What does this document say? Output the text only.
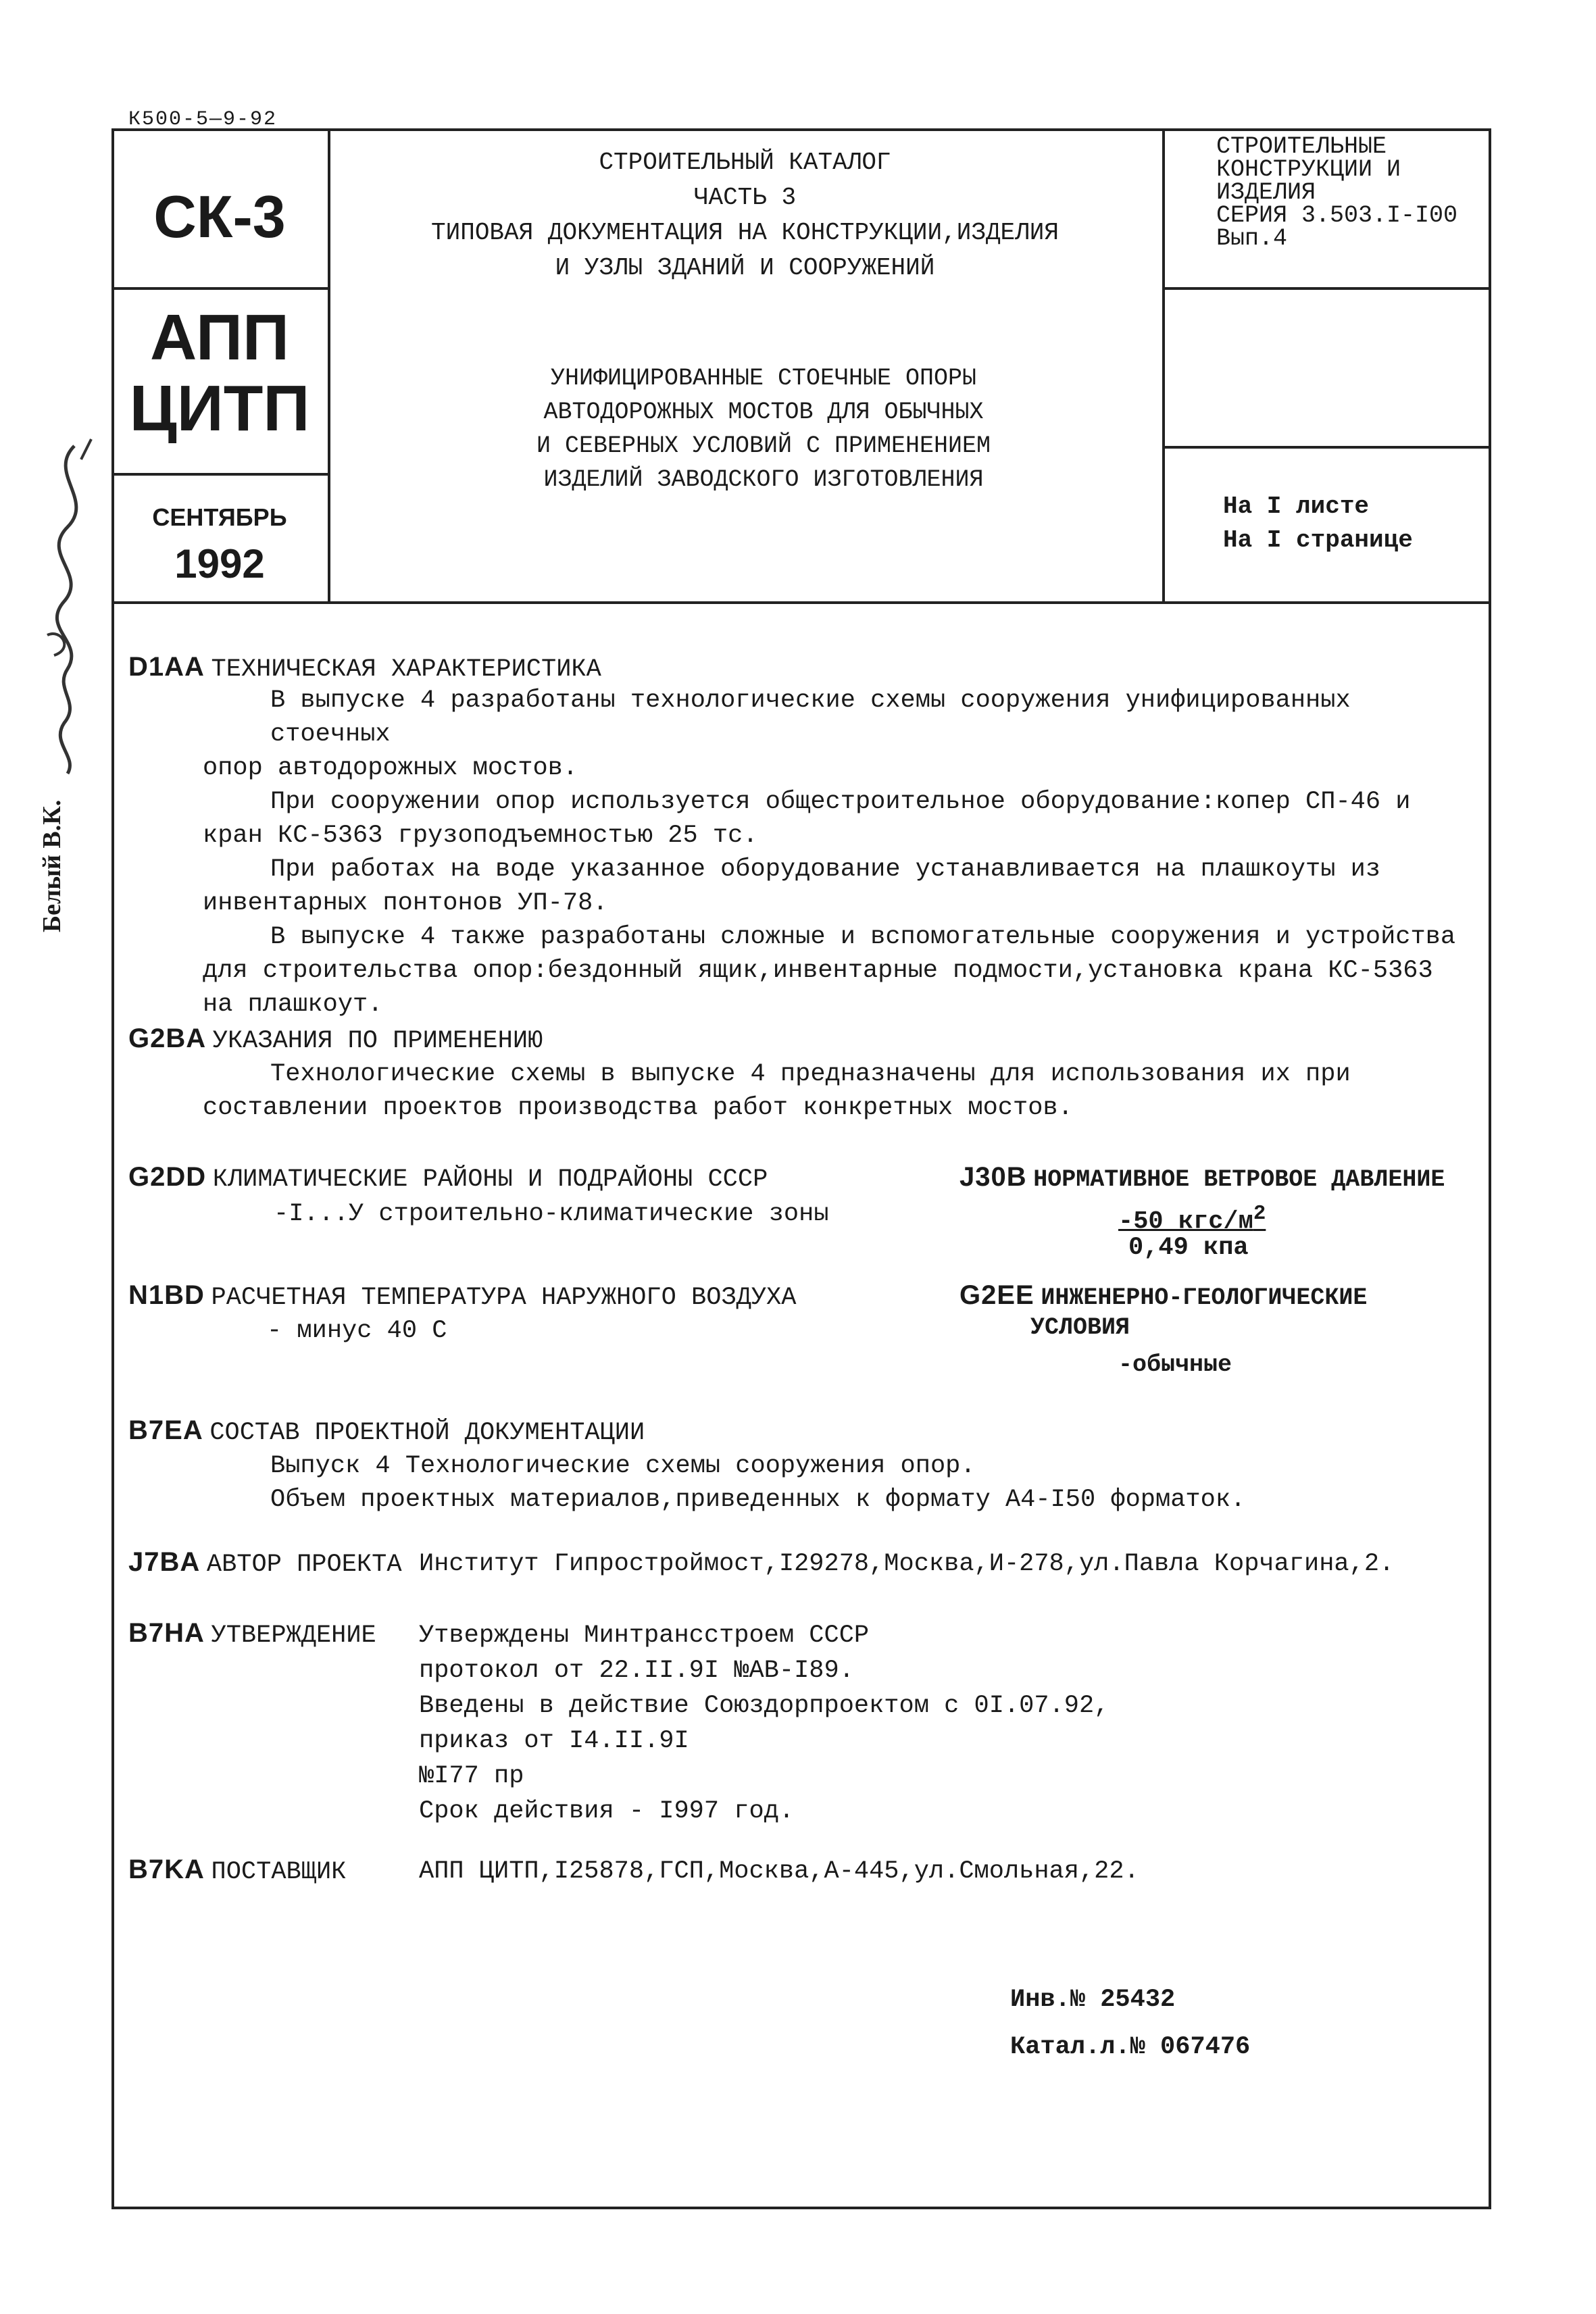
К500-5—9-92
СК-3
АПП
ЦИТП
СЕНТЯБРЬ
1992
СТРОИТЕЛЬНЫЙ КАТАЛОГ
ЧАСТЬ 3
ТИПОВАЯ ДОКУМЕНТАЦИЯ НА КОНСТРУКЦИИ,ИЗДЕЛИЯ
И УЗЛЫ ЗДАНИЙ И СООРУЖЕНИЙ
СТРОИТЕЛЬНЫЕ
КОНСТРУКЦИИ И
ИЗДЕЛИЯ
СЕРИЯ 3.503.I-I00
Вып.4
УНИФИЦИРОВАННЫЕ СТОЕЧНЫЕ ОПОРЫ
АВТОДОРОЖНЫХ МОСТОВ ДЛЯ ОБЫЧНЫХ
И СЕВЕРНЫХ УСЛОВИЙ С ПРИМЕНЕНИЕМ
ИЗДЕЛИЙ ЗАВОДСКОГО ИЗГОТОВЛЕНИЯ
На I листе
На I странице
Белый В.К.
D1AA ТЕХНИЧЕСКАЯ ХАРАКТЕРИСТИКА
В выпуске 4 разработаны технологические схемы сооружения унифицированных стоечных
опор автодорожных мостов.
При сооружении опор используется общестроительное оборудование:копер СП-46 и
кран КС-5363 грузоподъемностью 25 тс.
При работах на воде указанное оборудование устанавливается на плашкоуты из
инвентарных понтонов УП-78.
В выпуске 4 также разработаны сложные и вспомогательные сооружения и устройства
для строительства опор:бездонный ящик,инвентарные подмости,установка крана КС-5363
на плашкоут.
G2BA УКАЗАНИЯ ПО ПРИМЕНЕНИЮ
Технологические схемы в выпуске 4 предназначены для использования их при
составлении проектов производства работ конкретных мостов.
G2DD КЛИМАТИЧЕСКИЕ РАЙОНЫ И ПОДРАЙОНЫ СССР
-I...У строительно-климатические зоны
J30B НОРМАТИВНОЕ ВЕТРОВОЕ ДАВЛЕНИЕ
-50 кгс/$м^2$
0,49 кпа
N1BD РАСЧЕТНАЯ ТЕМПЕРАТУРА НАРУЖНОГО ВОЗДУХА
- минус 40 С
G2EE ИНЖЕНЕРНО-ГЕОЛОГИЧЕСКИЕ
УСЛОВИЯ
-обычные
B7EA СОСТАВ ПРОЕКТНОЙ ДОКУМЕНТАЦИИ
Выпуск 4 Технологические схемы сооружения опор.
Объем проектных материалов,приведенных к формату А4-I50 форматок.
J7BA АВТОР ПРОЕКТА Институт Гипростроймост,I29278,Москва,И-278,ул.Павла Корчагина,2.
B7HA УТВЕРЖДЕНИЕ Утверждены Минтрансстроем СССР
протокол от 22.II.9I №АВ-I89.
Введены в действие Союздорпроектом с 0I.07.92,
приказ от I4.II.9I
№I77 пр
Срок действия - I997 год.
B7KA ПОСТАВЩИК	АПП ЦИТП,I25878,ГСП,Москва,А-445,ул.Смольная,22.
Инв.№ 25432
Катал.л.№ 067476
